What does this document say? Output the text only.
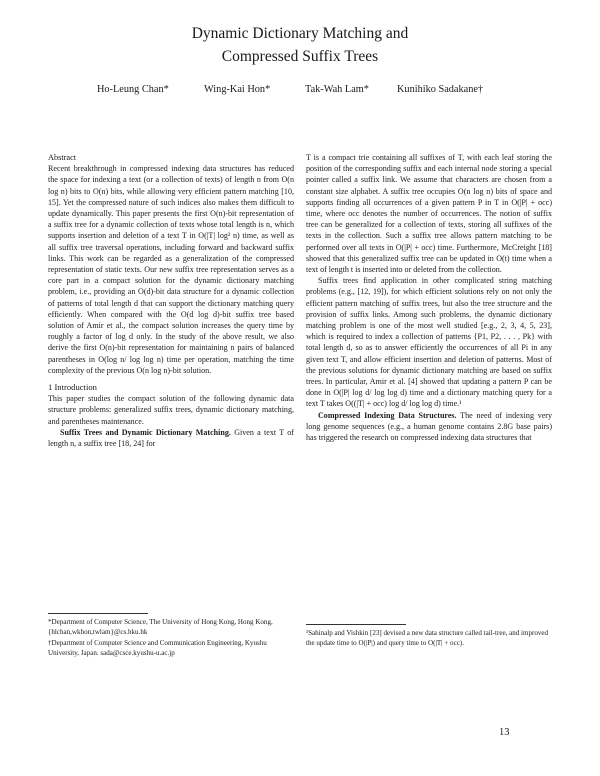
Dynamic Dictionary Matching and
Compressed Suffix Trees
Ho-Leung Chan*	Wing-Kai Hon*	Tak-Wah Lam*	Kunihiko Sadakane†

Abstract

Recent breakthrough in compressed indexing data structures has reduced the space for indexing a text (or a collection of texts) of length n from O(n log n) bits to O(n) bits, while allowing very efficient pattern matching [10, 15]. Yet the compressed nature of such indices also makes them difficult to update dynamically. This paper presents the first O(n)-bit representation of a suffix tree for a dynamic collection of texts whose total length is n, which supports insertion and deletion of a text T in O(|T| log² n) time, as well as all suffix tree traversal operations, including forward and backward suffix links. This work can be regarded as a generalization of the compressed representation of static texts. Our new suffix tree representation serves as a core part in a compact solution for the dynamic dictionary matching problem, i.e., providing an O(d)-bit data structure for a dynamic collection of patterns of total length d that can support the dictionary matching query efficiently. When compared with the O(d log d)-bit suffix tree based solution of Amir et al., the compact solution increases the query time by roughly a factor of log d only. In the study of the above result, we also derive the first O(n)-bit representation for maintaining n pairs of balanced parentheses in O(log n/ log log n) time per operation, matching the time complexity of the previous O(n log n)-bit solution.

1 Introduction

This paper studies the compact solution of the following dynamic data structure problems: generalized suffix trees, dynamic dictionary matching, and parentheses maintenance.

Suffix Trees and Dynamic Dictionary Matching. Given a text T of length n, a suffix tree [18, 24] for

T is a compact trie containing all suffixes of T, with each leaf storing the position of the corresponding suffix and each internal node storing a special pointer called a suffix link. We assume that characters are chosen from a constant size alphabet. A suffix tree occupies O(n log n) bits of space and supports finding all occurrences of a given pattern P in T in O(|P| + occ) time, where occ denotes the number of occurrences. The notion of suffix tree can be generalized for a collection of texts, storing all suffixes of the texts in the collection. Such a suffix tree allows pattern matching to be performed over all texts in O(|P| + occ) time. Furthermore, McCreight [18] showed that this generalized suffix tree can be updated in O(t) time when a text of length t is inserted into or deleted from the collection.

Suffix trees find application in other complicated string matching problems (e.g., [12, 19]), for which efficient solutions rely on not only the efficient pattern matching of suffix trees, but also the tree structure and the provision of suffix links. Among such problems, the dynamic dictionary matching problem is one of the most well studied [e.g., 2, 3, 4, 5, 23], which is required to index a collection of patterns {P1, P2, . . . , Pk} with total length d, so as to answer efficiently the occurrences of all Pi in any given text T, and allow efficient insertion and deletion of patterns. Most of the previous solutions for dynamic dictionary matching are based on suffix trees. In particular, Amir et al. [4] showed that updating a pattern P can be done in O(|P| log d/ log log d) time and a dictionary matching query for a text T takes O((|T| + occ) log d/ log log d) time.¹

Compressed Indexing Data Structures. The need of indexing very long genome sequences (e.g., a human genome contains 2.8G base pairs) has triggered the research on compressed indexing data structures that

*Department of Computer Science, The University of Hong Kong, Hong Kong, {hlchan,wkhon,twlam}@cs.hku.hk

†Department of Computer Science and Communication Engineering, Kyushu University, Japan. sada@csce.kyushu-u.ac.jp

¹Sahinalp and Vishkin [23] devised a new data structure called tail-tree, and improved the update time to O(|P|) and query time to O(|T| + occ).

13
